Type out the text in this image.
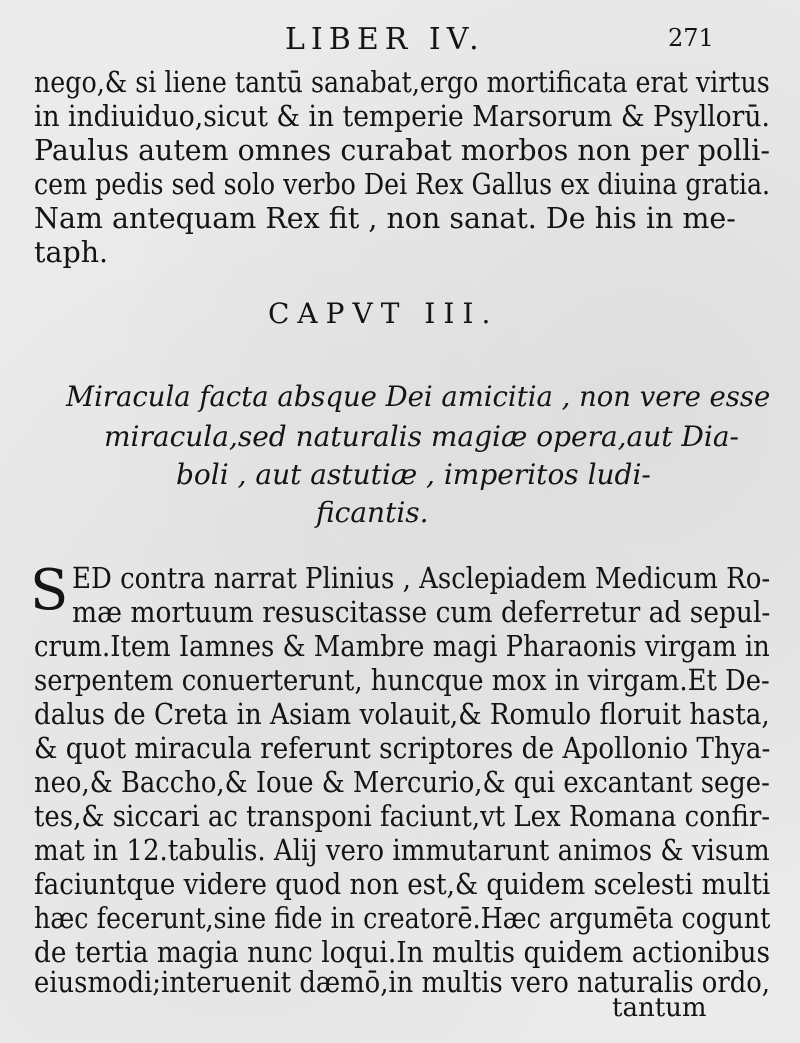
LIBER IV.	271
nego,& si liene tantū sanabat,ergo mortificata erat virtus
in indiuiduo,sicut & in temperie Marsorum & Psyllorū.
Paulus autem omnes curabat morbos non per polli-
cem pedis sed solo verbo Dei Rex Gallus ex diuina gratia.
Nam antequam Rex fit , non sanat. De his in me-
taph.
CAPVT III.
Miracula facta absque Dei amicitia , non vere esse
miracula,sed naturalis magiæ opera,aut Dia-
boli , aut astutiæ , imperitos ludi-
ficantis.
S ED contra narrat Plinius , Asclepiadem Medicum Ro-
mæ mortuum resuscitasse cum deferretur ad sepul-
crum.Item Iamnes & Mambre magi Pharaonis virgam in
serpentem conuerterunt, huncque mox in virgam.Et De-
dalus de Creta in Asiam volauit,& Romulo floruit hasta,
& quot miracula referunt scriptores de Apollonio Thya-
neo,& Baccho,& Ioue & Mercurio,& qui excantant sege-
tes,& siccari ac transponi faciunt,vt Lex Romana confir-
mat in 12.tabulis. Alij vero immutarunt animos & visum
faciuntque videre quod non est,& quidem scelesti multi
hæc fecerunt,sine fide in creatorē.Hæc argumēta cogunt
de tertia magia nunc loqui.In multis quidem actionibus
eiusmodi;interuenit dæmō,in multis vero naturalis ordo,
tantum
